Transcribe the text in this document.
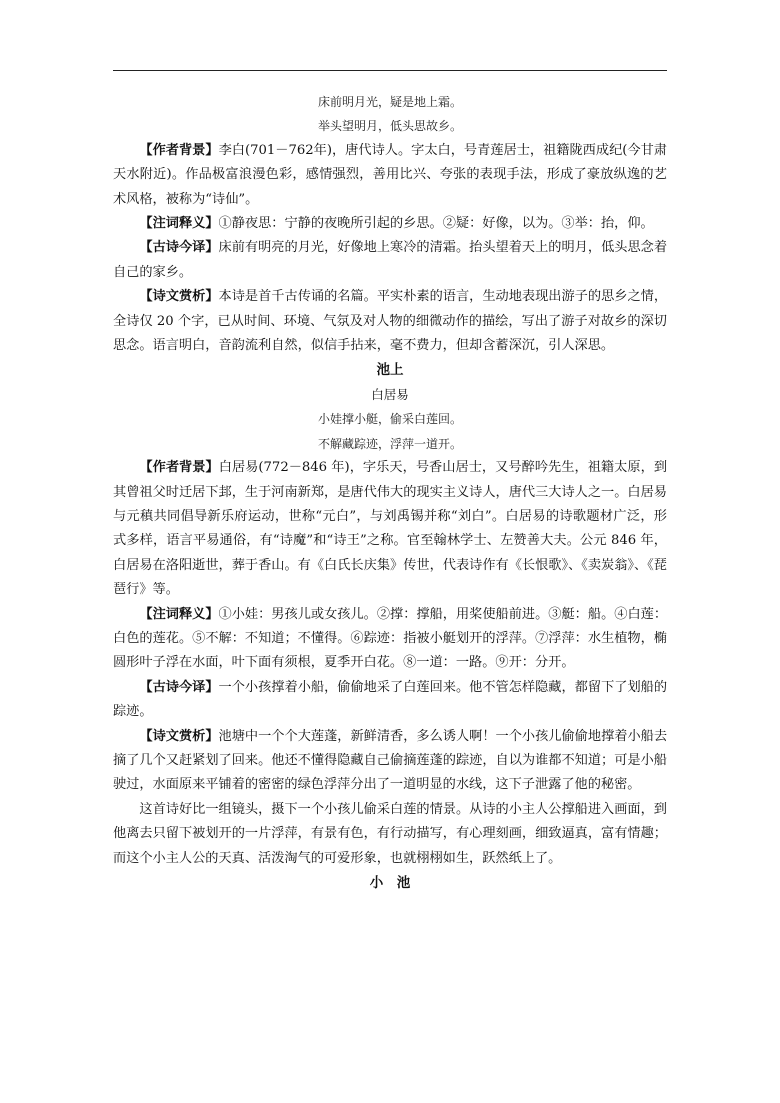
床前明月光，疑是地上霜。
举头望明月，低头思故乡。

【作者背景】李白(701－762年)，唐代诗人。字太白，号青莲居士，祖籍陇西成纪(今甘肃天水附近)。作品极富浪漫色彩，感情强烈，善用比兴、夸张的表现手法，形成了豪放纵逸的艺术风格，被称为“诗仙”。

【注词释义】①静夜思：宁静的夜晚所引起的乡思。②疑：好像，以为。③举：抬，仰。

【古诗今译】床前有明亮的月光，好像地上寒冷的清霜。抬头望着天上的明月，低头思念着自己的家乡。

【诗文赏析】本诗是首千古传诵的名篇。平实朴素的语言，生动地表现出游子的思乡之情，全诗仅 20 个字，已从时间、环境、气氛及对人物的细微动作的描绘，写出了游子对故乡的深切思念。语言明白，音韵流利自然，似信手拈来，毫不费力，但却含蓄深沉，引人深思。

池上
白居易
小娃撑小艇，偷采白莲回。
不解藏踪迹，浮萍一道开。

【作者背景】白居易(772－846 年)，字乐天，号香山居士，又号醉吟先生，祖籍太原，到其曾祖父时迁居下邽，生于河南新郑，是唐代伟大的现实主义诗人，唐代三大诗人之一。白居易与元稹共同倡导新乐府运动，世称“元白”，与刘禹锡并称“刘白”。白居易的诗歌题材广泛，形式多样，语言平易通俗，有“诗魔”和“诗王”之称。官至翰林学士、左赞善大夫。公元 846 年，白居易在洛阳逝世，葬于香山。有《白氏长庆集》传世，代表诗作有《长恨歌》、《卖炭翁》、《琵琶行》等。

【注词释义】①小娃：男孩儿或女孩儿。②撑：撑船，用桨使船前进。③艇：船。④白莲：白色的莲花。⑤不解：不知道；不懂得。⑥踪迹：指被小艇划开的浮萍。⑦浮萍：水生植物，椭圆形叶子浮在水面，叶下面有须根，夏季开白花。⑧一道：一路。⑨开：分开。

【古诗今译】一个小孩撑着小船，偷偷地采了白莲回来。他不管怎样隐藏，都留下了划船的踪迹。

【诗文赏析】池塘中一个个大莲蓬，新鲜清香，多么诱人啊！一个小孩儿偷偷地撑着小船去摘了几个又赶紧划了回来。他还不懂得隐藏自己偷摘莲蓬的踪迹，自以为谁都不知道；可是小船驶过，水面原来平铺着的密密的绿色浮萍分出了一道明显的水线，这下子泄露了他的秘密。

这首诗好比一组镜头，摄下一个小孩儿偷采白莲的情景。从诗的小主人公撑船进入画面，到他离去只留下被划开的一片浮萍，有景有色，有行动描写，有心理刻画，细致逼真，富有情趣；而这个小主人公的天真、活泼淘气的可爱形象，也就栩栩如生，跃然纸上了。

小　池
